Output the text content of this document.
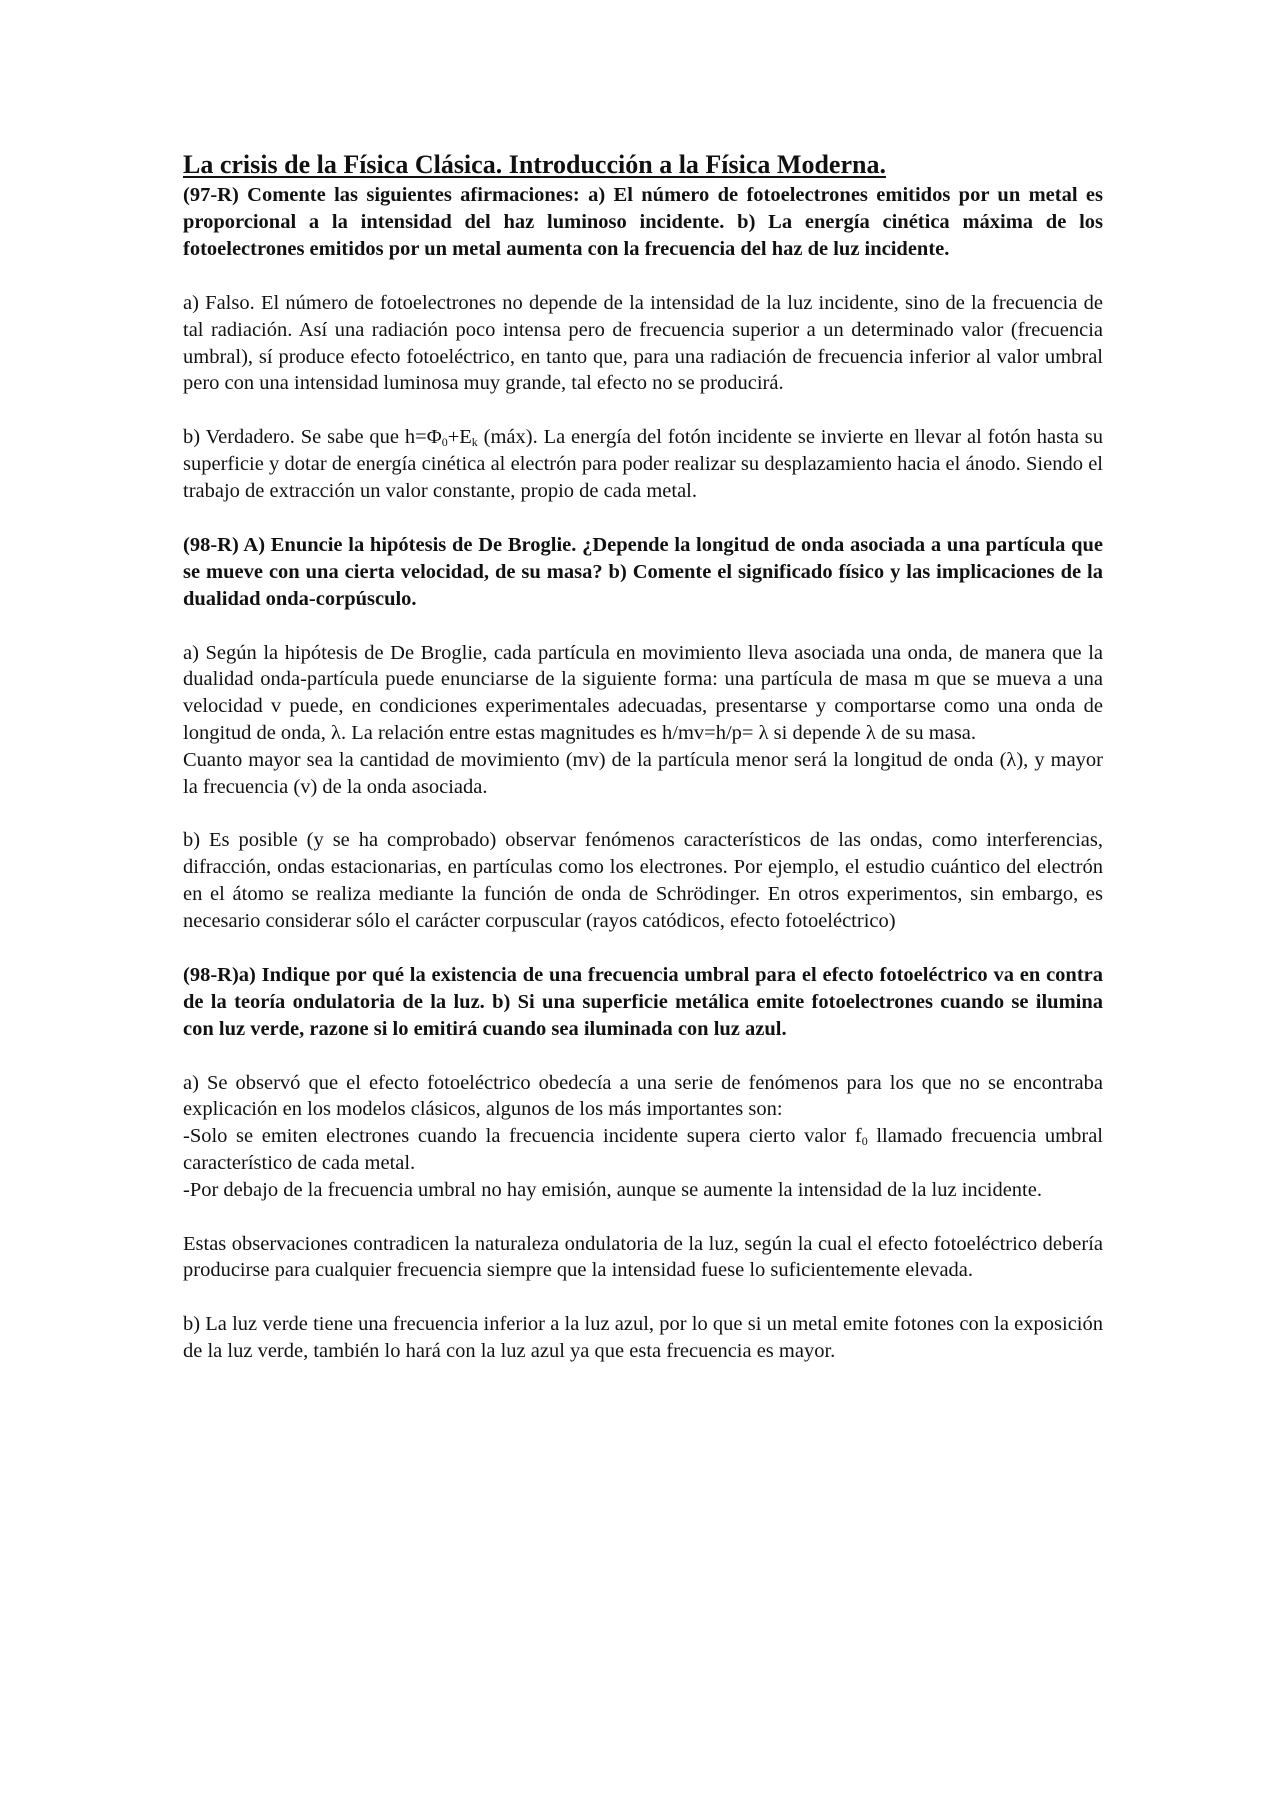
La crisis de la Física Clásica. Introducción a la Física Moderna.

(97-R) Comente las siguientes afirmaciones: a) El número de fotoelectrones emitidos por un metal es proporcional a la intensidad del haz luminoso incidente. b) La energía cinética máxima de los fotoelectrones emitidos por un metal aumenta con la frecuencia del haz de luz incidente.

a) Falso. El número de fotoelectrones no depende de la intensidad de la luz incidente, sino de la frecuencia de tal radiación. Así una radiación poco intensa pero de frecuencia superior a un determinado valor (frecuencia umbral), sí produce efecto fotoeléctrico, en tanto que, para una radiación de frecuencia inferior al valor umbral pero con una intensidad luminosa muy grande, tal efecto no se producirá.

b) Verdadero. Se sabe que $h=\Phi_0+E_k$ (máx). La energía del fotón incidente se invierte en llevar al fotón hasta su superficie y dotar de energía cinética al electrón para poder realizar su desplazamiento hacia el ánodo. Siendo el trabajo de extracción un valor constante, propio de cada metal.

(98-R) A) Enuncie la hipótesis de De Broglie. ¿Depende la longitud de onda asociada a una partícula que se mueve con una cierta velocidad, de su masa? b) Comente el significado físico y las implicaciones de la dualidad onda-corpúsculo.

a) Según la hipótesis de De Broglie, cada partícula en movimiento lleva asociada una onda, de manera que la dualidad onda-partícula puede enunciarse de la siguiente forma: una partícula de masa m que se mueva a una velocidad v puede, en condiciones experimentales adecuadas, presentarse y comportarse como una onda de longitud de onda, λ. La relación entre estas magnitudes es h/mv=h/p= λ si depende λ de su masa.

Cuanto mayor sea la cantidad de movimiento (mv) de la partícula menor será la longitud de onda (λ), y mayor la frecuencia (v) de la onda asociada.

b) Es posible (y se ha comprobado) observar fenómenos característicos de las ondas, como interferencias, difracción, ondas estacionarias, en partículas como los electrones. Por ejemplo, el estudio cuántico del electrón en el átomo se realiza mediante la función de onda de Schrödinger. En otros experimentos, sin embargo, es necesario considerar sólo el carácter corpuscular (rayos catódicos, efecto fotoeléctrico)

(98-R)a) Indique por qué la existencia de una frecuencia umbral para el efecto fotoeléctrico va en contra de la teoría ondulatoria de la luz. b) Si una superficie metálica emite fotoelectrones cuando se ilumina con luz verde, razone si lo emitirá cuando sea iluminada con luz azul.

a) Se observó que el efecto fotoeléctrico obedecía a una serie de fenómenos para los que no se encontraba explicación en los modelos clásicos, algunos de los más importantes son:

-Solo se emiten electrones cuando la frecuencia incidente supera cierto valor $f_0$ llamado frecuencia umbral característico de cada metal.

-Por debajo de la frecuencia umbral no hay emisión, aunque se aumente la intensidad de la luz incidente.

Estas observaciones contradicen la naturaleza ondulatoria de la luz, según la cual el efecto fotoeléctrico debería producirse para cualquier frecuencia siempre que la intensidad fuese lo suficientemente elevada.

b) La luz verde tiene una frecuencia inferior a la luz azul, por lo que si un metal emite fotones con la exposición de la luz verde, también lo hará con la luz azul ya que esta frecuencia es mayor.
